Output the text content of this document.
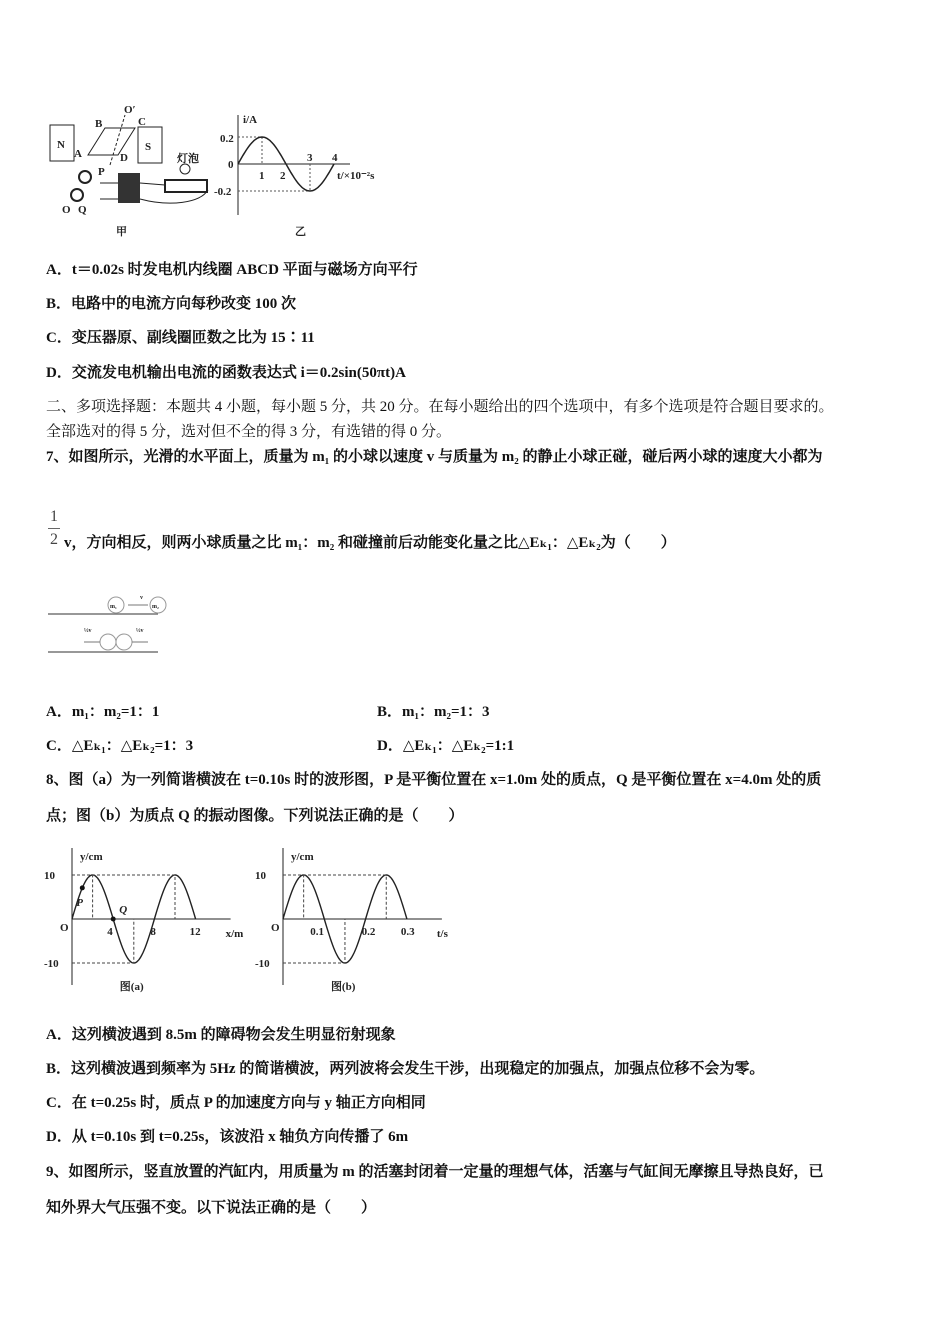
N	S
B	C
A	D
O′
P
O Q
灯泡
甲
i/A
0.2
0
-0.2
1 2
3 4
t/×10⁻²s
乙
A．t＝0.02s 时发电机内线圈 ABCD 平面与磁场方向平行
B．电路中的电流方向每秒改变 100 次
C．变压器原、副线圈匝数之比为 15∶11
D．交流发电机输出电流的函数表达式 i＝0.2sin(50πt)A
二、多项选择题：本题共 4 小题，每小题 5 分，共 20 分。在每小题给出的四个选项中，有多个选项是符合题目要求的。
全部选对的得 5 分，选对但不全的得 3 分，有选错的得 0 分。
7、如图所示，光滑的水平面上，质量为 m₁ 的小球以速度 v 与质量为 m₂ 的静止小球正碰，碰后两小球的速度大小都为
1
2 v，方向相反，则两小球质量之比 m₁：m₂ 和碰撞前后动能变化量之比△Eₖ₁：△Eₖ₂为（　　）
m₁	m₂
v
½v	½v
A．m₁：m₂=1：1	B．m₁：m₂=1：3
C．△Eₖ₁：△Eₖ₂=1：3	D．△Eₖ₁：△Eₖ₂=1:1
8、图（a）为一列简谐横波在 t=0.10s 时的波形图，P 是平衡位置在 x=1.0m 处的质点，Q 是平衡位置在 x=4.0m 处的质
点；图（b）为质点 Q 的振动图像。下列说法正确的是（　　）
y/cm
O
10
-10
x/m
4	8	12
P
Q
图(a)
y/cm
O
10
-10
t/s
0.1	0.2 0.3
图(b)
A．这列横波遇到 8.5m 的障碍物会发生明显衍射现象
B．这列横波遇到频率为 5Hz 的简谐横波，两列波将会发生干涉，出现稳定的加强点，加强点位移不会为零。
C．在 t=0.25s 时，质点 P 的加速度方向与 y 轴正方向相同
D．从 t=0.10s 到 t=0.25s，该波沿 x 轴负方向传播了 6m
9、如图所示，竖直放置的汽缸内，用质量为 m 的活塞封闭着一定量的理想气体，活塞与气缸间无摩擦且导热良好，已
知外界大气压强不变。以下说法正确的是（　　）
